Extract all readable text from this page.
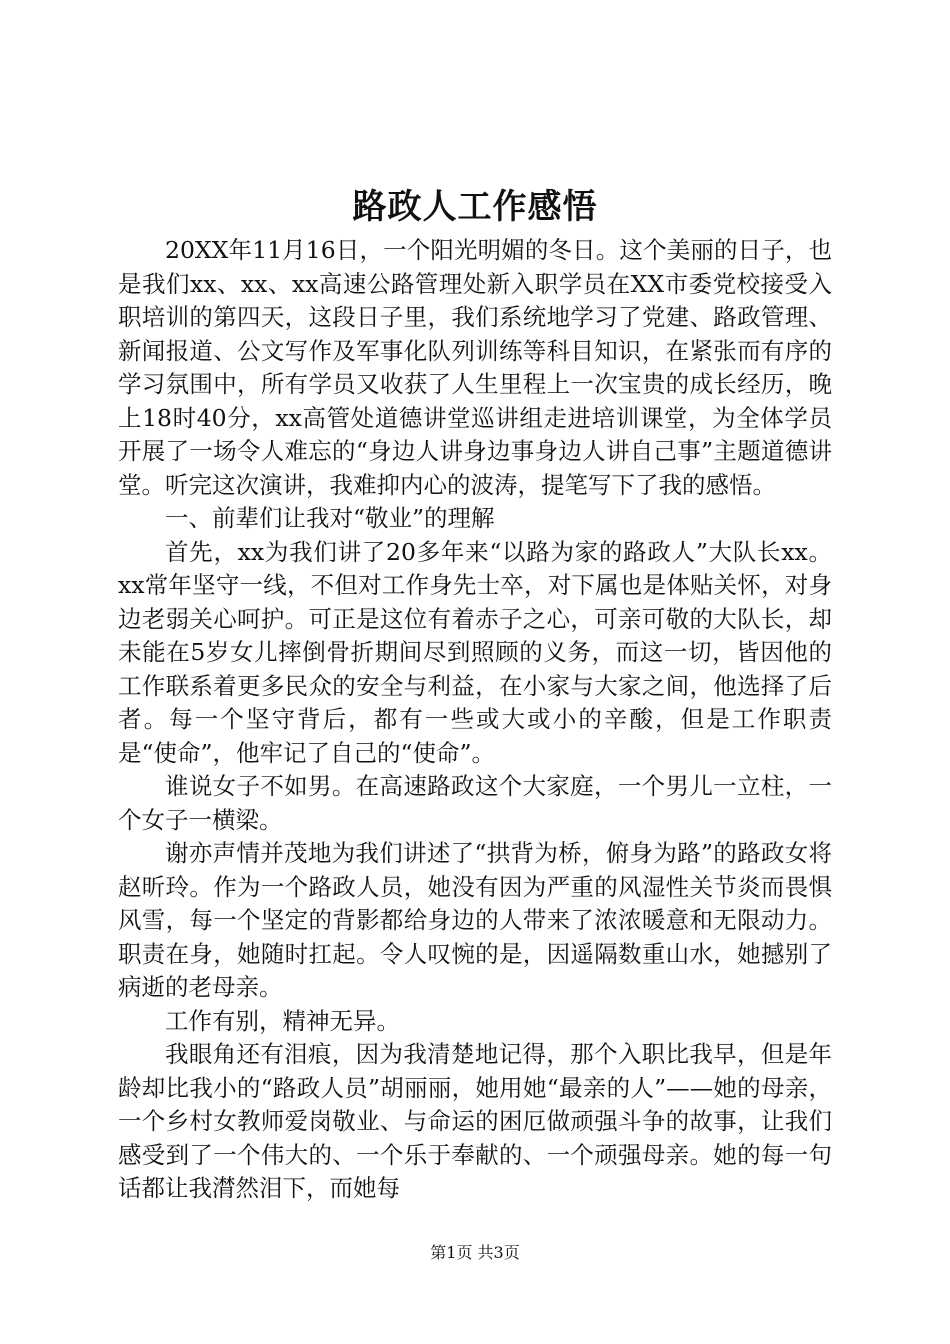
路政人工作感悟

20XX年11月16日，一个阳光明媚的冬日。这个美丽的日子，也是我们xx、xx、xx高速公路管理处新入职学员在XX市委党校接受入职培训的第四天，这段日子里，我们系统地学习了党建、路政管理、新闻报道、公文写作及军事化队列训练等科目知识，在紧张而有序的学习氛围中，所有学员又收获了人生里程上一次宝贵的成长经历，晚上18时40分，xx高管处道德讲堂巡讲组走进培训课堂，为全体学员开展了一场令人难忘的“身边人讲身边事身边人讲自己事”主题道德讲堂。听完这次演讲，我难抑内心的波涛，提笔写下了我的感悟。

一、前辈们让我对“敬业”的理解

首先，xx为我们讲了20多年来“以路为家的路政人”大队长xx。xx常年坚守一线，不但对工作身先士卒，对下属也是体贴关怀，对身边老弱关心呵护。可正是这位有着赤子之心，可亲可敬的大队长，却未能在5岁女儿摔倒骨折期间尽到照顾的义务，而这一切，皆因他的工作联系着更多民众的安全与利益，在小家与大家之间，他选择了后者。每一个坚守背后，都有一些或大或小的辛酸，但是工作职责是“使命”，他牢记了自己的“使命”。

谁说女子不如男。在高速路政这个大家庭，一个男儿一立柱，一个女子一横梁。

谢亦声情并茂地为我们讲述了“拱背为桥，俯身为路”的路政女将赵昕玲。作为一个路政人员，她没有因为严重的风湿性关节炎而畏惧风雪，每一个坚定的背影都给身边的人带来了浓浓暖意和无限动力。职责在身，她随时扛起。令人叹惋的是，因遥隔数重山水，她撼别了病逝的老母亲。

工作有别，精神无异。

我眼角还有泪痕，因为我清楚地记得，那个入职比我早，但是年龄却比我小的“路政人员”胡丽丽，她用她“最亲的人”——她的母亲，一个乡村女教师爱岗敬业、与命运的困厄做顽强斗争的故事，让我们感受到了一个伟大的、一个乐于奉献的、一个顽强母亲。她的每一句话都让我潸然泪下，而她每

第1页 共3页
